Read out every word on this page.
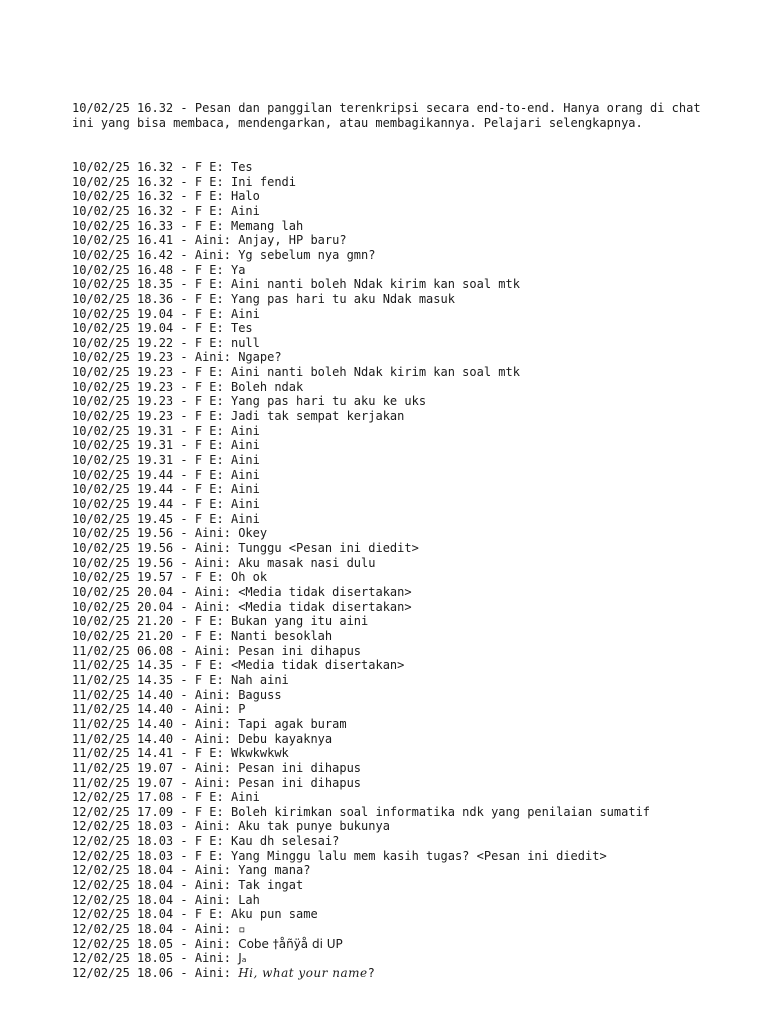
10/02/25 16.32 - Pesan dan panggilan terenkripsi secara end-to-end. Hanya orang di chat ini yang bisa membaca, mendengarkan, atau membagikannya. Pelajari selengkapnya.

10/02/25 16.32 - F E: Tes
10/02/25 16.32 - F E: Ini fendi
10/02/25 16.32 - F E: Halo
10/02/25 16.32 - F E: Aini
10/02/25 16.33 - F E: Memang lah
10/02/25 16.41 - Aini: Anjay, HP baru?
10/02/25 16.42 - Aini: Yg sebelum nya gmn?
10/02/25 16.48 - F E: Ya
10/02/25 18.35 - F E: Aini nanti boleh Ndak kirim kan soal mtk
10/02/25 18.36 - F E: Yang pas hari tu aku Ndak masuk
10/02/25 19.04 - F E: Aini
10/02/25 19.04 - F E: Tes
10/02/25 19.22 - F E: null
10/02/25 19.23 - Aini: Ngape?
10/02/25 19.23 - F E: Aini nanti boleh Ndak kirim kan soal mtk
10/02/25 19.23 - F E: Boleh ndak
10/02/25 19.23 - F E: Yang pas hari tu aku ke uks
10/02/25 19.23 - F E: Jadi tak sempat kerjakan
10/02/25 19.31 - F E: Aini
10/02/25 19.31 - F E: Aini
10/02/25 19.31 - F E: Aini
10/02/25 19.44 - F E: Aini
10/02/25 19.44 - F E: Aini
10/02/25 19.44 - F E: Aini
10/02/25 19.45 - F E: Aini
10/02/25 19.56 - Aini: Okey
10/02/25 19.56 - Aini: Tunggu <Pesan ini diedit>
10/02/25 19.56 - Aini: Aku masak nasi dulu
10/02/25 19.57 - F E: Oh ok
10/02/25 20.04 - Aini: <Media tidak disertakan>
10/02/25 20.04 - Aini: <Media tidak disertakan>
10/02/25 21.20 - F E: Bukan yang itu aini
10/02/25 21.20 - F E: Nanti besoklah
11/02/25 06.08 - Aini: Pesan ini dihapus
11/02/25 14.35 - F E: <Media tidak disertakan>
11/02/25 14.35 - F E: Nah aini
11/02/25 14.40 - Aini: Baguss
11/02/25 14.40 - Aini: P
11/02/25 14.40 - Aini: Tapi agak buram
11/02/25 14.40 - Aini: Debu kayaknya
11/02/25 14.41 - F E: Wkwkwkwk
11/02/25 19.07 - Aini: Pesan ini dihapus
11/02/25 19.07 - Aini: Pesan ini dihapus
12/02/25 17.08 - F E: Aini
12/02/25 17.09 - F E: Boleh kirimkan soal informatika ndk yang penilaian sumatif
12/02/25 18.03 - Aini: Aku tak punye bukunya
12/02/25 18.03 - F E: Kau dh selesai?
12/02/25 18.03 - F E: Yang Minggu lalu mem kasih tugas? <Pesan ini diedit>
12/02/25 18.04 - Aini: Yang mana?
12/02/25 18.04 - Aini: Tak ingat
12/02/25 18.04 - Aini: Lah
12/02/25 18.04 - F E: Aku pun same
12/02/25 18.04 - Aini: ▫
12/02/25 18.05 - Aini: Cobe †åñÿå di UP
12/02/25 18.05 - Aini: Jₐ
12/02/25 18.06 - Aini: Hi, what your name?
